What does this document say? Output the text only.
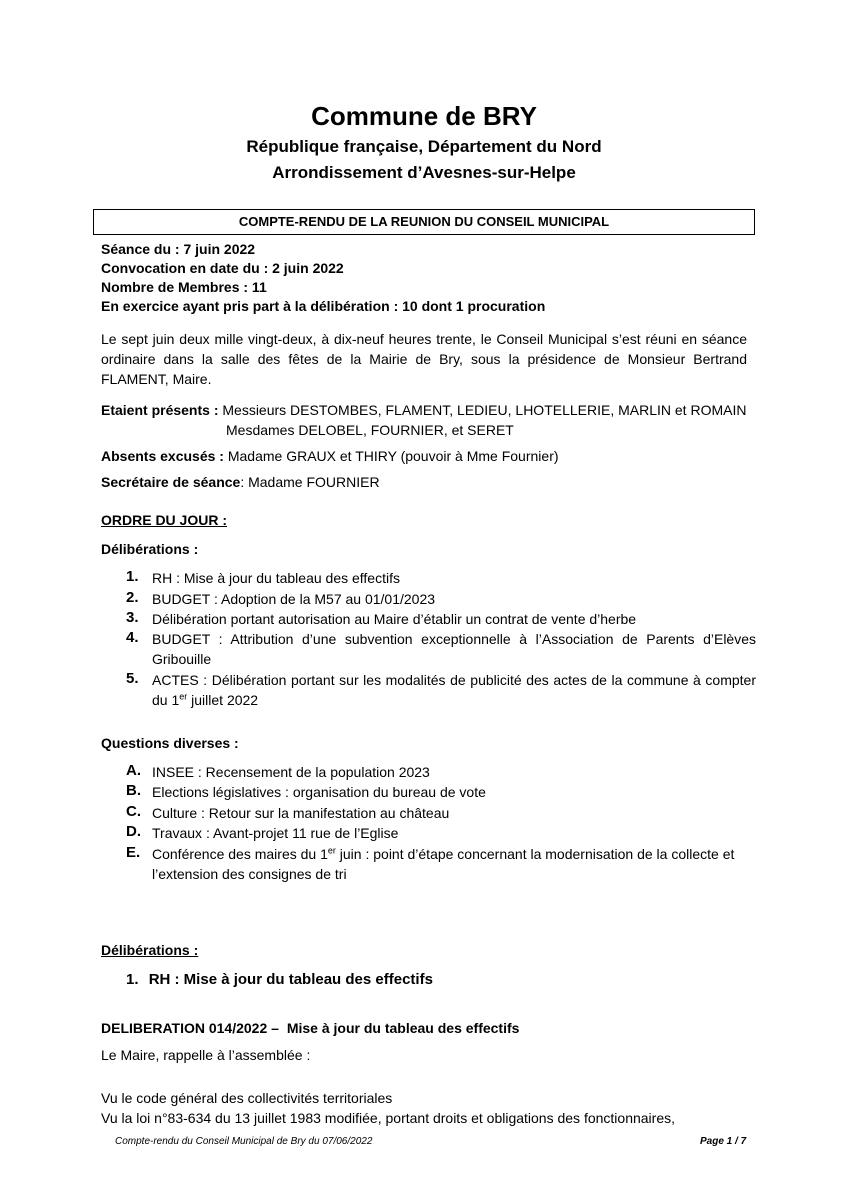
Commune de BRY
République française, Département du Nord
Arrondissement d’Avesnes-sur-Helpe
COMPTE-RENDU DE LA REUNION DU CONSEIL MUNICIPAL
Séance du : 7 juin 2022
Convocation en date du : 2 juin 2022
Nombre de Membres : 11
En exercice ayant pris part à la délibération : 10 dont 1 procuration
Le sept juin deux mille vingt-deux, à dix-neuf heures trente, le Conseil Municipal s’est réuni en séance ordinaire dans la salle des fêtes de la Mairie de Bry, sous la présidence de Monsieur Bertrand FLAMENT, Maire.
Etaient présents : Messieurs DESTOMBES, FLAMENT, LEDIEU, LHOTELLERIE, MARLIN et ROMAIN
Mesdames DELOBEL, FOURNIER, et SERET
Absents excusés : Madame GRAUX et THIRY (pouvoir à Mme Fournier)
Secrétaire de séance: Madame FOURNIER
ORDRE DU JOUR :
Délibérations :
1. RH : Mise à jour du tableau des effectifs
2. BUDGET : Adoption de la M57 au 01/01/2023
3. Délibération portant autorisation au Maire d’établir un contrat de vente d’herbe
4. BUDGET : Attribution d’une subvention exceptionnelle à l’Association de Parents d’Elèves Gribouille
5. ACTES : Délibération portant sur les modalités de publicité des actes de la commune à compter du 1er juillet 2022
Questions diverses :
A. INSEE : Recensement de la population 2023
B. Elections législatives : organisation du bureau de vote
C. Culture : Retour sur la manifestation au château
D. Travaux : Avant-projet 11 rue de l’Eglise
E. Conférence des maires du 1er juin : point d’étape concernant la modernisation de la collecte et l’extension des consignes de tri
Délibérations :
1. RH : Mise à jour du tableau des effectifs
DELIBERATION 014/2022 – Mise à jour du tableau des effectifs
Le Maire, rappelle à l’assemblée :
Vu le code général des collectivités territoriales
Vu la loi n°83-634 du 13 juillet 1983 modifiée, portant droits et obligations des fonctionnaires,
Compte-rendu du Conseil Municipal de Bry du 07/06/2022	Page 1 / 7
